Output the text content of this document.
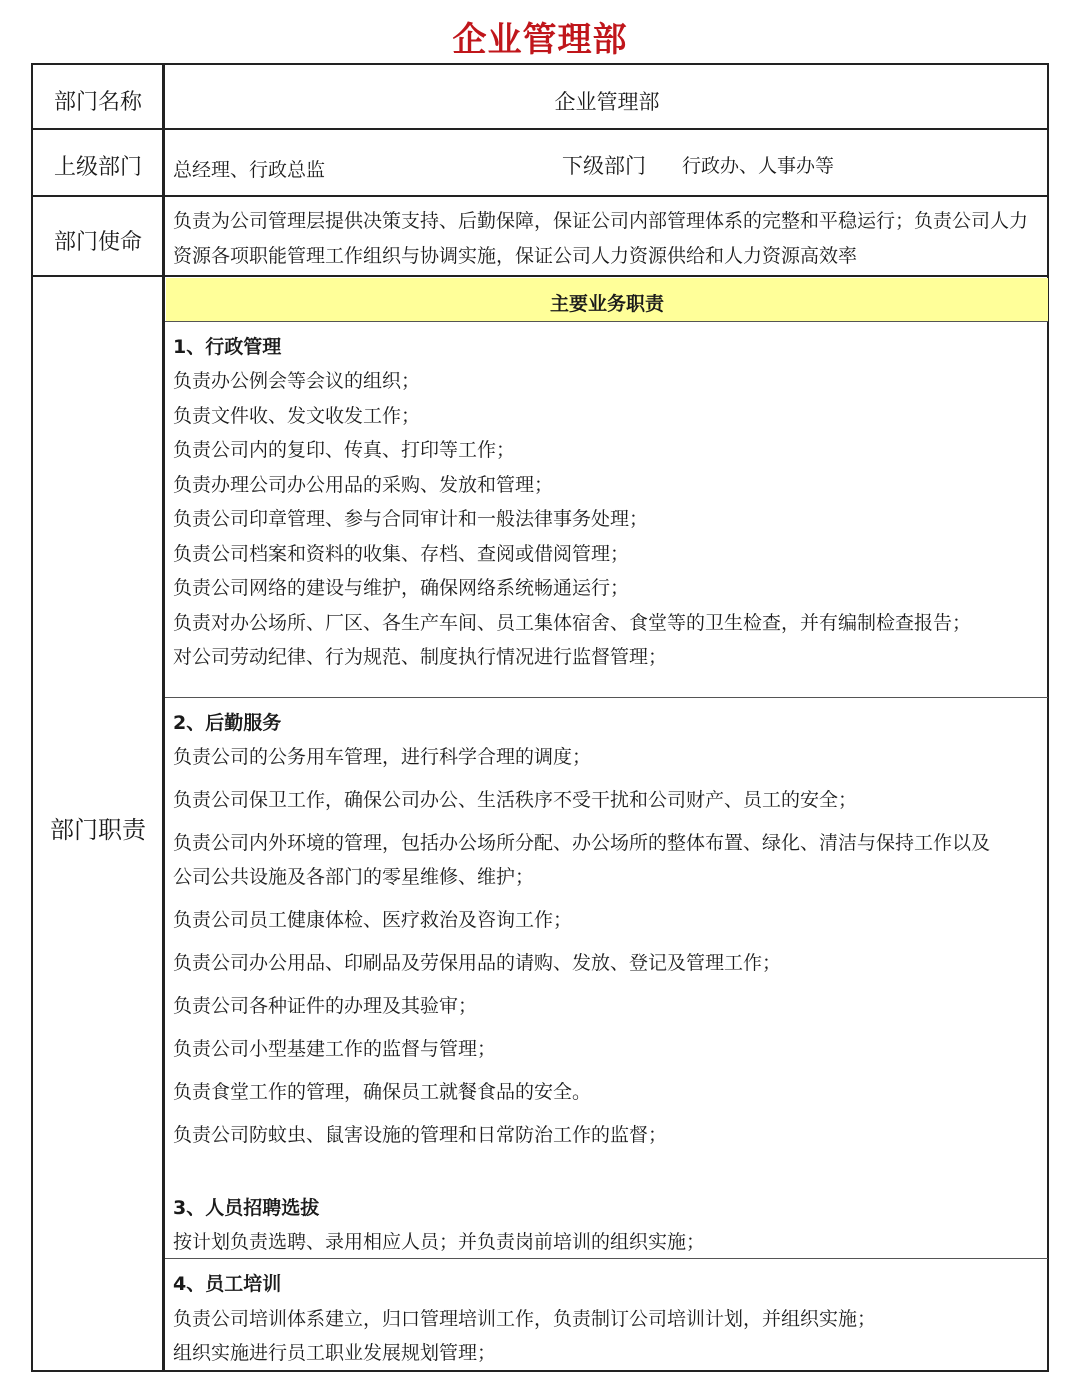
企业管理部
主要业务职责
部门名称
上级部门
部门使命
部门职责
企业管理部
总经理、行政总监	下级部门 行政办、人事办等
负责为公司管理层提供决策支持、后勤保障，保证公司内部管理体系的完整和平稳运行；负责公司人力
资源各项职能管理工作组织与协调实施，保证公司人力资源供给和人力资源高效率
1、行政管理
负责办公例会等会议的组织；
负责文件收、发文收发工作；
负责公司内的复印、传真、打印等工作；
负责办理公司办公用品的采购、发放和管理；
负责公司印章管理、参与合同审计和一般法律事务处理；
负责公司档案和资料的收集、存档、查阅或借阅管理；
负责公司网络的建设与维护，确保网络系统畅通运行；
负责对办公场所、厂区、各生产车间、员工集体宿舍、食堂等的卫生检查，并有编制检查报告；
对公司劳动纪律、行为规范、制度执行情况进行监督管理；
2、后勤服务
负责公司的公务用车管理，进行科学合理的调度；
负责公司保卫工作，确保公司办公、生活秩序不受干扰和公司财产、员工的安全；
负责公司内外环境的管理，包括办公场所分配、办公场所的整体布置、绿化、清洁与保持工作以及
公司公共设施及各部门的零星维修、维护；
负责公司员工健康体检、医疗救治及咨询工作；
负责公司办公用品、印刷品及劳保用品的请购、发放、登记及管理工作；
负责公司各种证件的办理及其验审；
负责公司小型基建工作的监督与管理；
负责食堂工作的管理，确保员工就餐食品的安全。
负责公司防蚊虫、鼠害设施的管理和日常防治工作的监督；
3、人员招聘选拔
按计划负责选聘、录用相应人员；并负责岗前培训的组织实施；
4、员工培训
负责公司培训体系建立，归口管理培训工作，负责制订公司培训计划，并组织实施；
组织实施进行员工职业发展规划管理；
